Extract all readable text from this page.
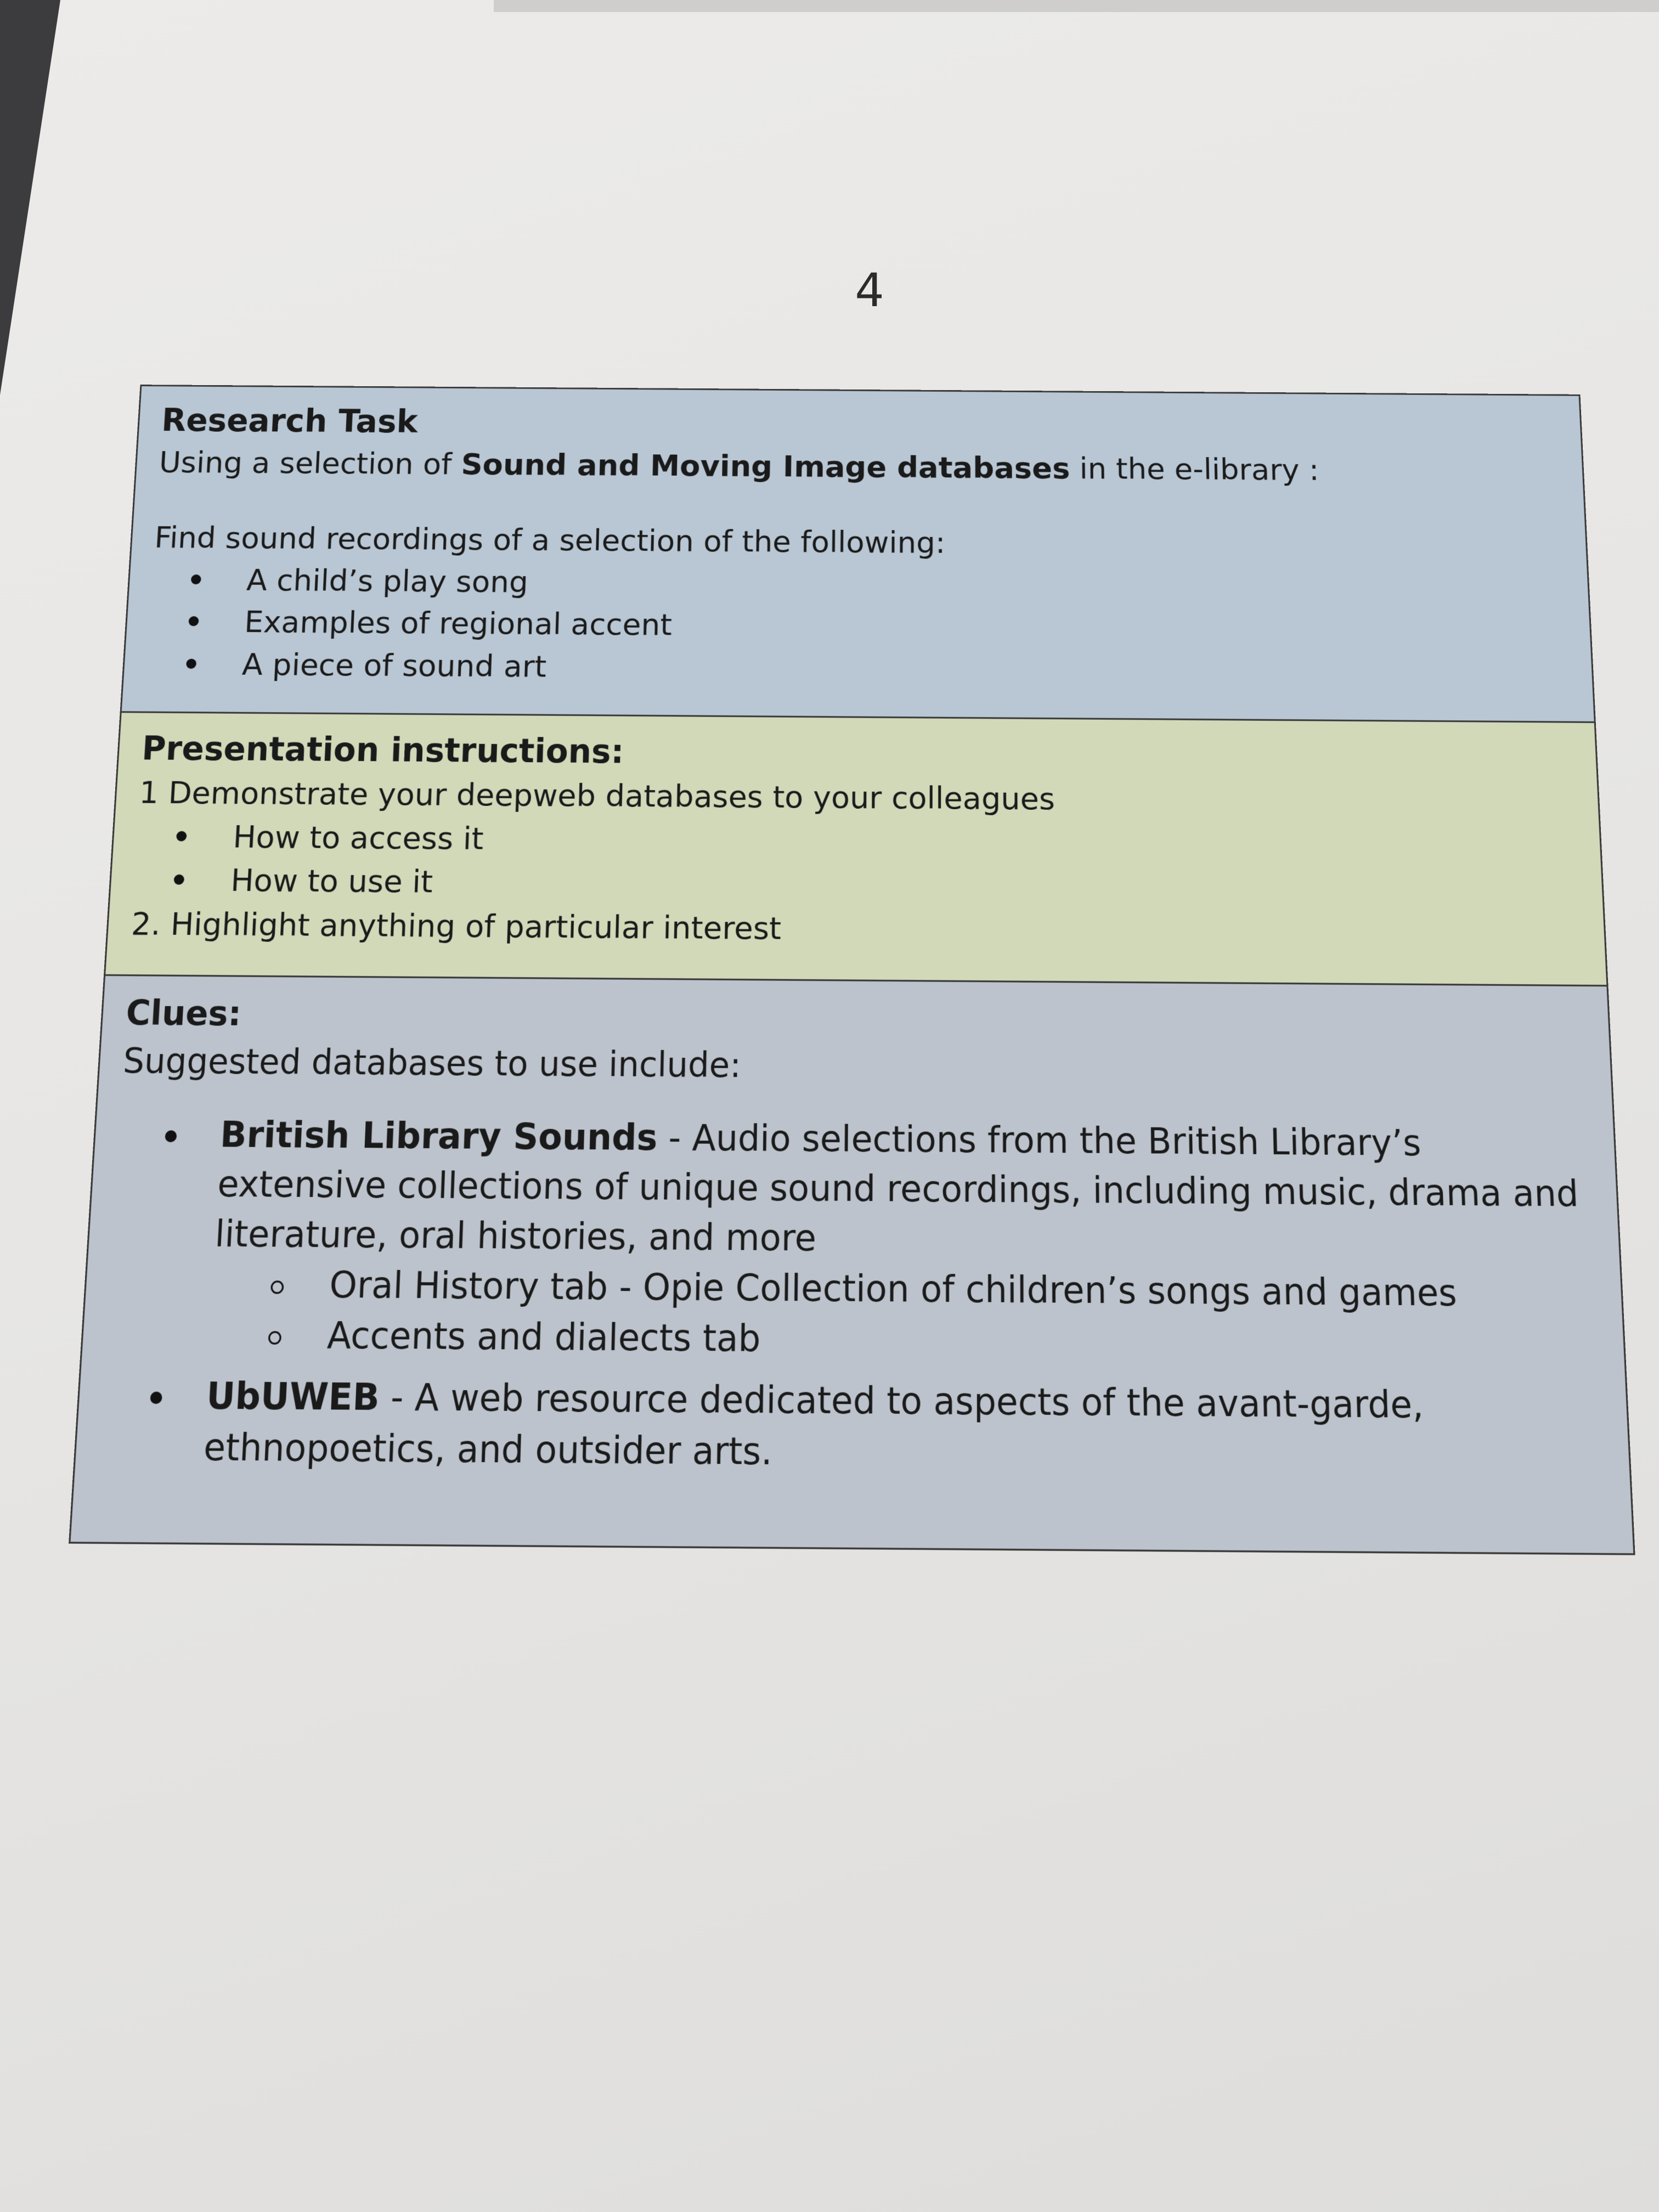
4
Research Task
Using a selection of Sound and Moving Image databases in the e-library :
Find sound recordings of a selection of the following:
A child’s play song
Examples of regional accent
A piece of sound art
Presentation instructions:
1 Demonstrate your deepweb databases to your colleagues
How to access it
How to use it
2. Highlight anything of particular interest
Clues:
Suggested databases to use include:
British Library Sounds - Audio selections from the British Library’s extensive collections of unique sound recordings, including music, drama and literature, oral histories, and more
Oral History tab - Opie Collection of children’s songs and games
Accents and dialects tab
UbUWEB - A web resource dedicated to aspects of the avant-garde, ethnopoetics, and outsider arts.
